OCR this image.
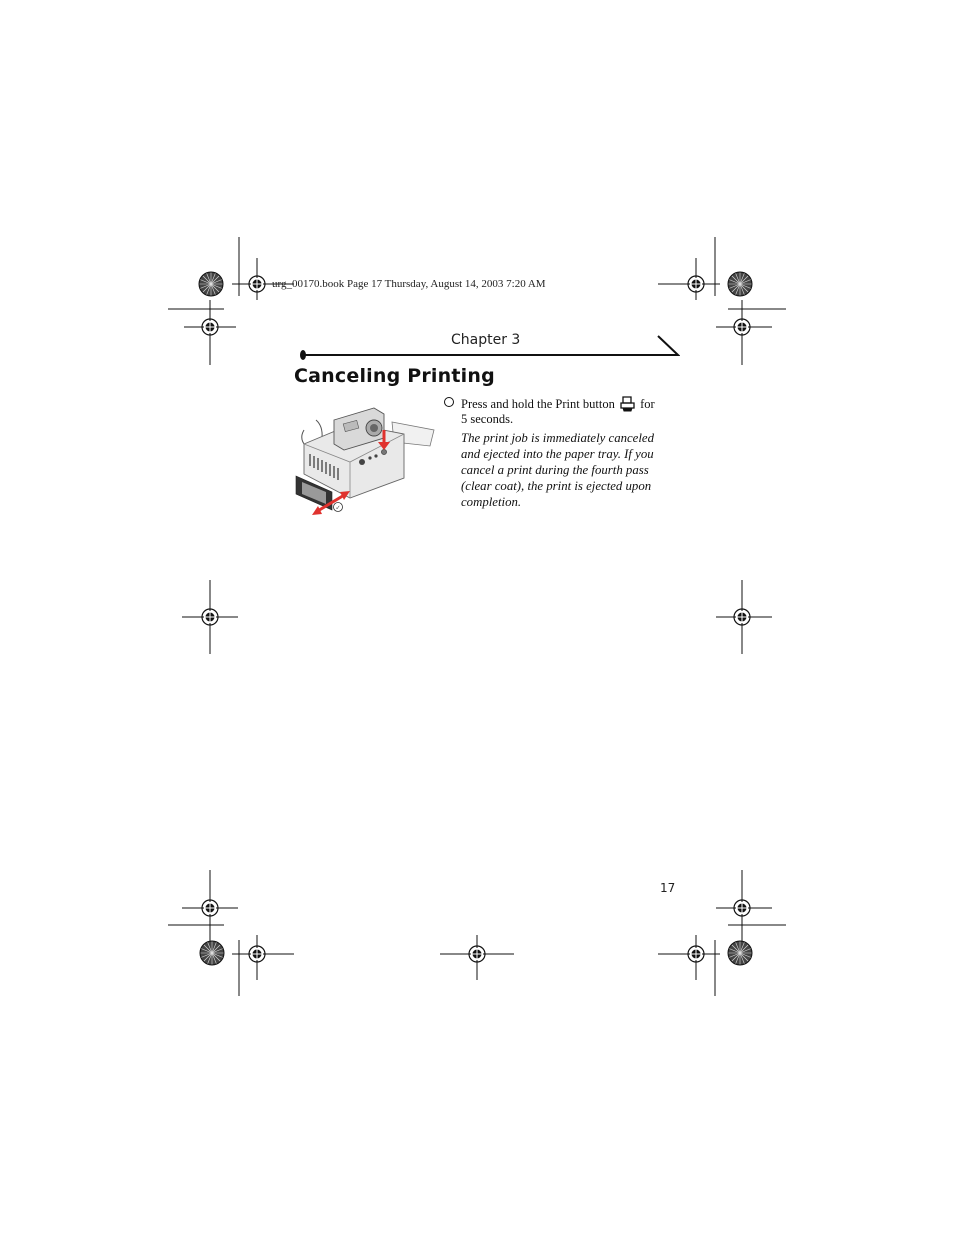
urg_00170.book Page 17 Thursday, August 14, 2003 7:20 AM
Chapter 3
Canceling Printing
✓
Press and hold the Print button for 5 seconds.
The print job is immediately canceled and ejected into the paper tray. If you cancel a print during the fourth pass (clear coat), the print is ejected upon completion.
17
